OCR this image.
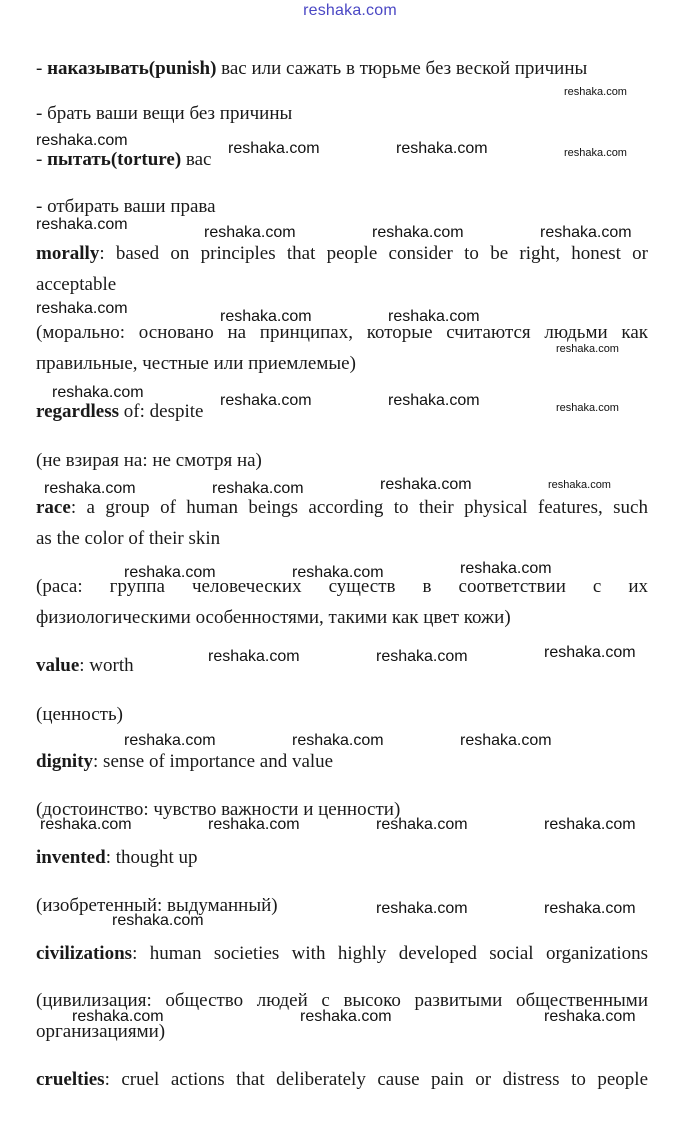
reshaka.com
- наказывать(punish) вас или сажать в тюрьме без веской причины
- брать ваши вещи без причины
- пытать(torture) вас
- отбирать ваши права
morally: based on principles that people consider to be right, honest or
acceptable
(морально: основано на принципах, которые считаются людьми как
правильные, честные или приемлемые)
regardless of: despite
(не взирая на: не смотря на)
race: a group of human beings according to their physical features, such
as the color of their skin
(раса: группа человеческих существ в соответствии с их
физиологическими особенностями, такими как цвет кожи)
value: worth
(ценность)
dignity: sense of importance and value
(достоинство: чувство важности и ценности)
invented: thought up
(изобретенный: выдуманный)
civilizations: human societies with highly developed social organizations
(цивилизация: общество людей с высоко развитыми общественными
организациями)
cruelties: cruel actions that deliberately cause pain or distress to people
reshaka.com
reshaka.com	reshaka.com	reshaka.com	reshaka.com
reshaka.com	reshaka.com	reshaka.com	reshaka.com
reshaka.com	reshaka.com	reshaka.com
reshaka.com
reshaka.com	reshaka.com	reshaka.com	reshaka.com
reshaka.com	reshaka.com
reshaka.com	reshaka.com
reshaka.com
reshaka.com	reshaka.com
reshaka.com
reshaka.com	reshaka.com
reshaka.com	reshaka.com	reshaka.com
reshaka.com	reshaka.com	reshaka.com	reshaka.com
reshaka.com	reshaka.com
reshaka.com
reshaka.com	reshaka.com	reshaka.com
